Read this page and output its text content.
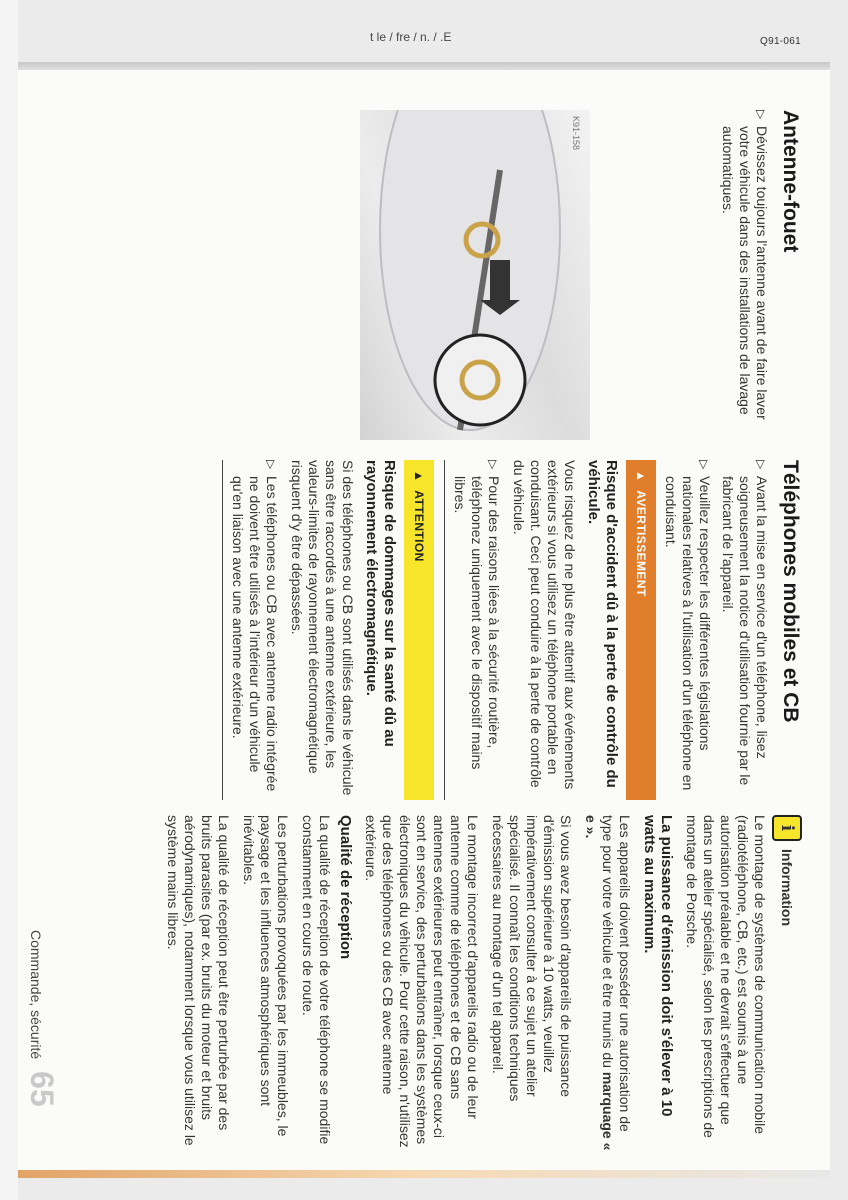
t le / fre / n. / .E	Q91-061
Antenne-fouet
▷
Dévissez toujours l'antenne avant de faire laver votre véhicule dans des installations de lavage automatiques.
K91-158
Téléphones mobiles et CB
▷
Avant la mise en service d'un téléphone, lisez soigneusement la notice d'utilisation fournie par le fabricant de l'appareil.
▷
Veuillez respecter les différentes législations nationales relatives à l'utilisation d'un téléphone en conduisant.
▲
AVERTISSEMENT
Risque d'accident dû à la perte de contrôle du véhicule.

Vous risquez de ne plus être attentif aux événements extérieurs si vous utilisez un téléphone portable en conduisant. Ceci peut conduire à la perte de contrôle du véhicule.

▷
Pour des raisons liées à la sécurité routière, téléphonez uniquement avec le dispositif mains libres.
▲
ATTENTION
Risque de dommages sur la santé dû au rayonnement électromagnétique.

Si des téléphones ou CB sont utilisés dans le véhicule sans être raccordés à une antenne extérieure, les valeurs-limites de rayonnement électromagnétique risquent d'y être dépassées.

▷
Les téléphones ou CB avec antenne radio intégrée ne doivent être utilisés à l'intérieur d'un véhicule qu'en liaison avec une antenne extérieure.
i
Information

Le montage de systèmes de communication mobile (radiotéléphone, CB, etc.) est soumis à une autorisation préalable et ne devrait s'effectuer que dans un atelier spécialisé, selon les prescriptions de montage de Porsche.

La puissance d'émission doit s'élever à 10 watts au maximum.

Les appareils doivent posséder une autorisation de type pour votre véhicule et être munis du marquage « e ».

Si vous avez besoin d'appareils de puissance d'émission supérieure à 10 watts, veuillez impérativement consulter à ce sujet un atelier spécialisé. Il connaît les conditions techniques nécessaires au montage d'un tel appareil.

Le montage incorrect d'appareils radio ou de leur antenne comme de téléphones et de CB sans antennes extérieures peut entraîner, lorsque ceux-ci sont en service, des perturbations dans les systèmes électroniques du véhicule. Pour cette raison, n'utilisez que des téléphones ou des CB avec antenne extérieure.

Qualité de réception

La qualité de réception de votre téléphone se modifie constamment en cours de route.

Les perturbations provoquées par les immeubles, le paysage et les influences atmosphériques sont inévitables.

La qualité de réception peut être perturbée par des bruits parasites (par ex. bruits du moteur et bruits aérodynamiques), notamment lorsque vous utilisez le système mains libres.

Commande, sécurité
65
